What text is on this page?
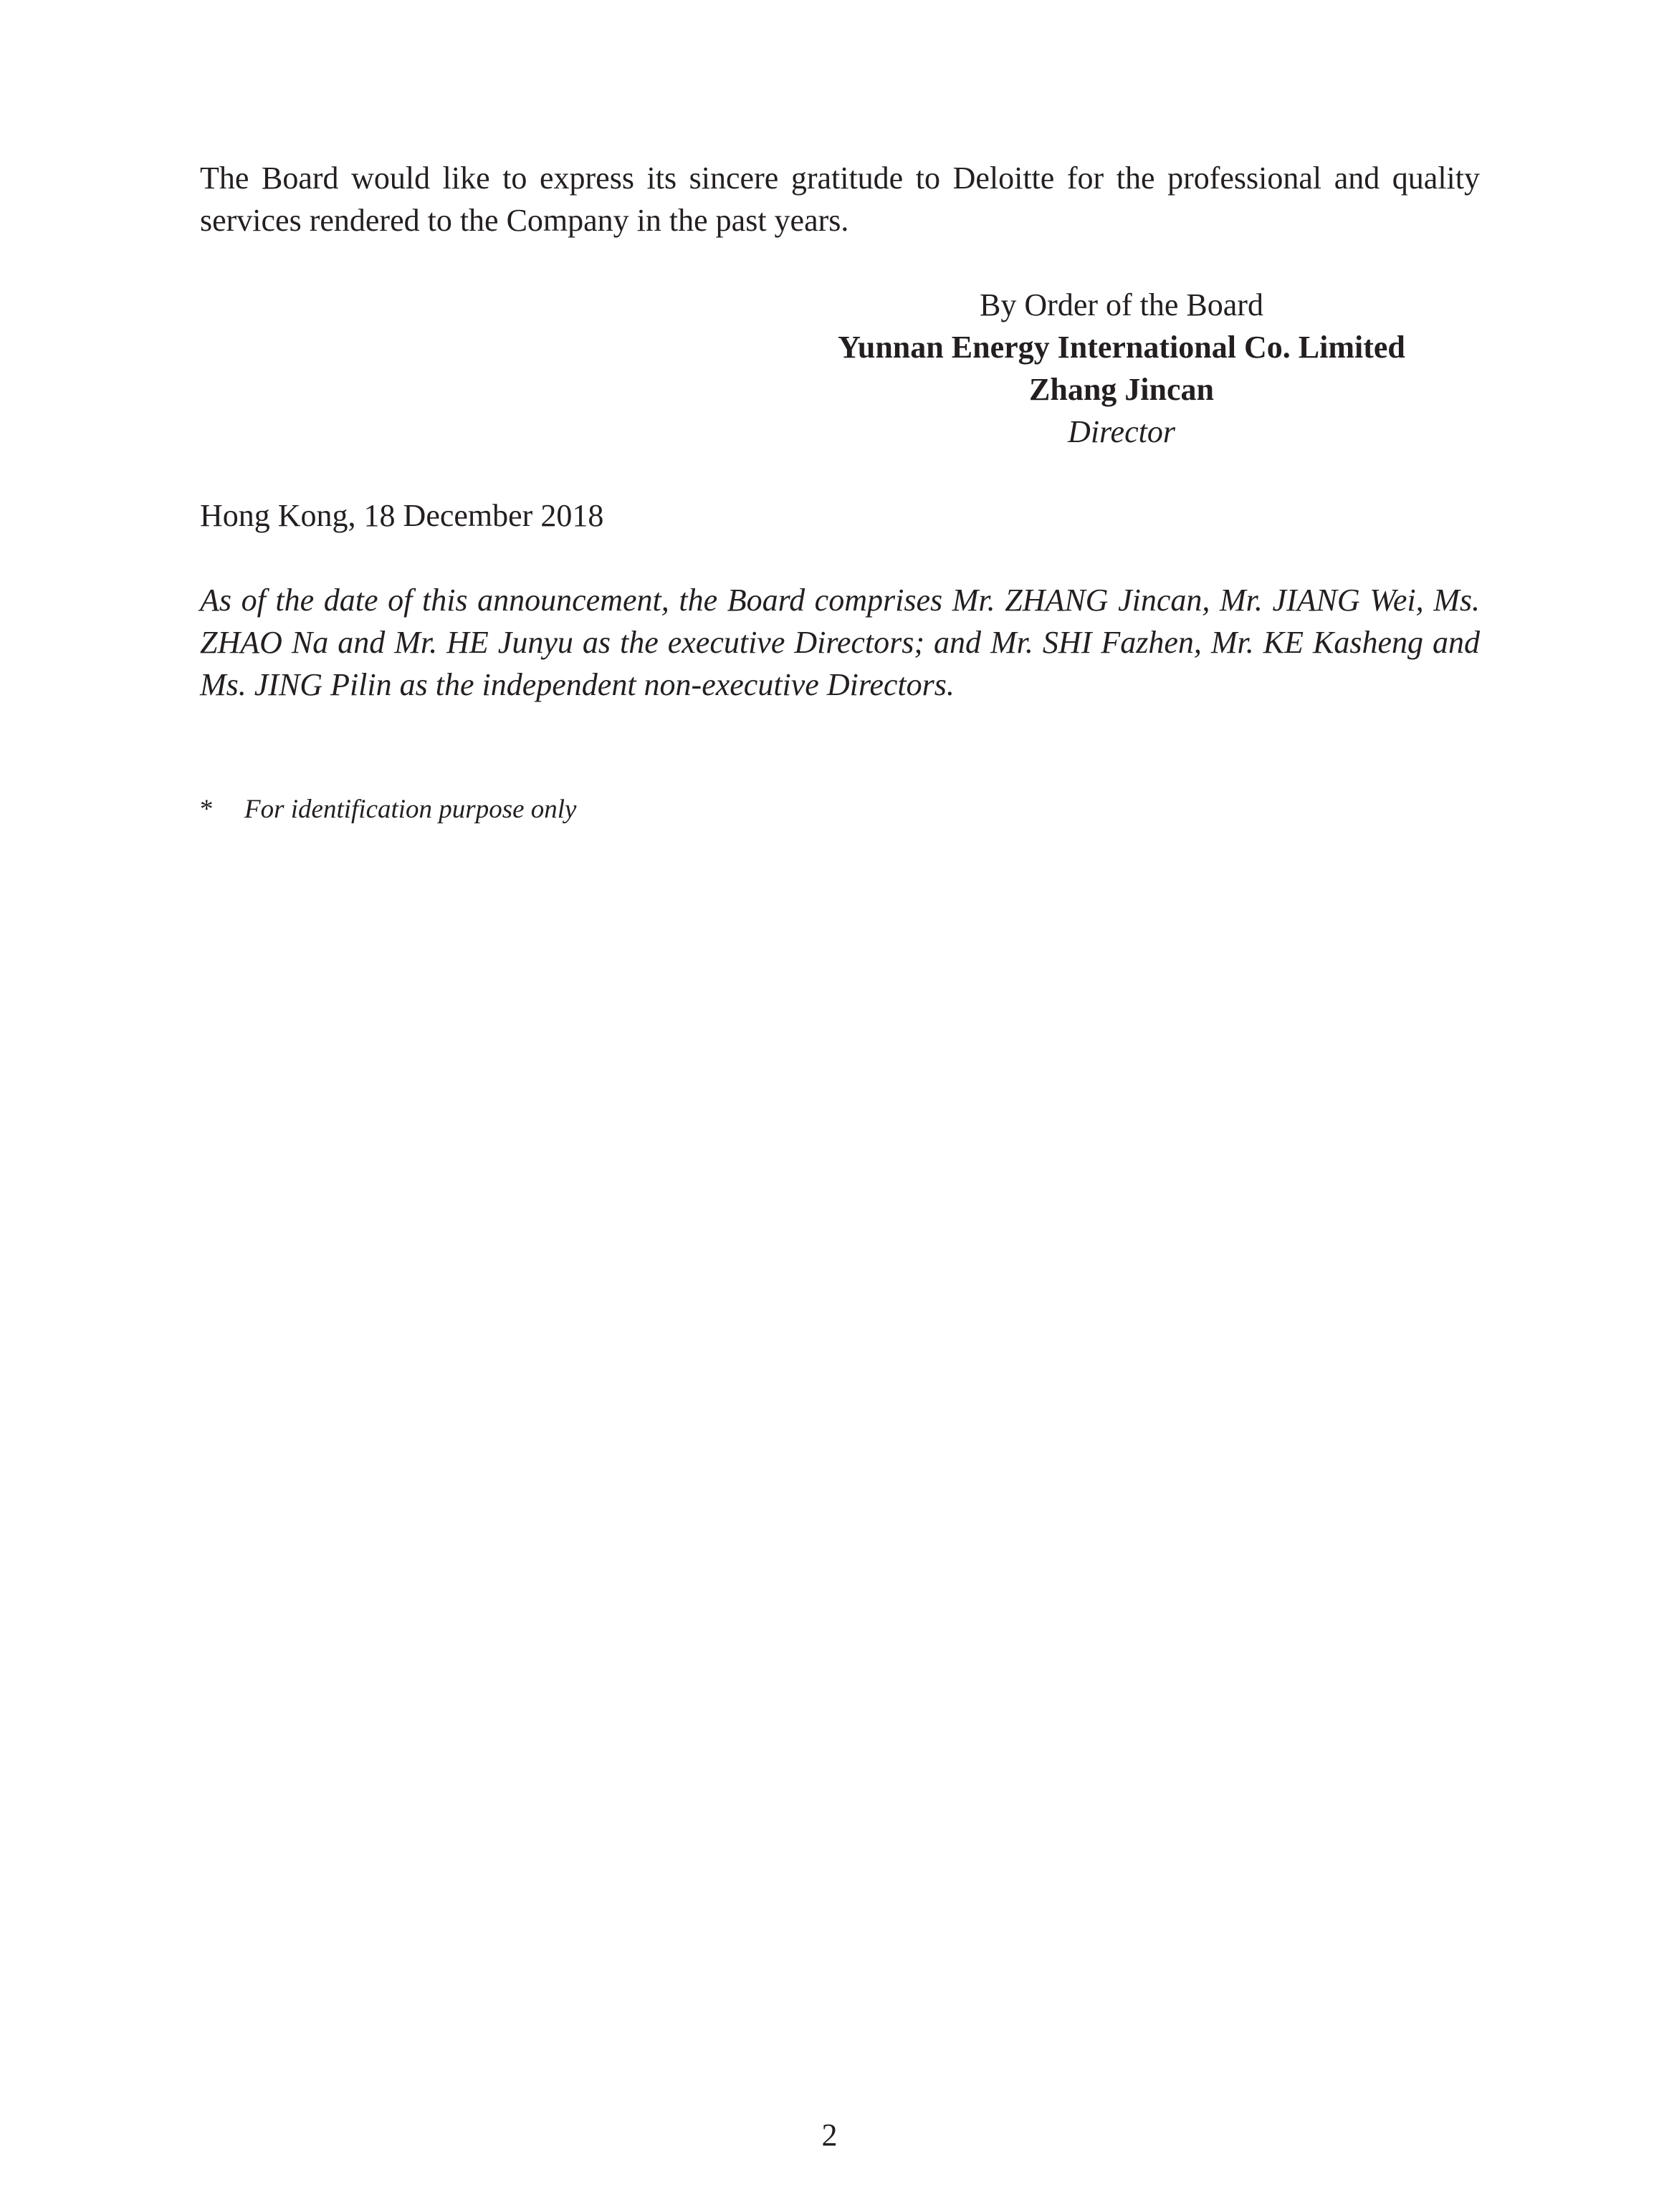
The Board would like to express its sincere gratitude to Deloitte for the professional and quality services rendered to the Company in the past years.

By Order of the Board
Yunnan Energy International Co. Limited
Zhang Jincan
Director

Hong Kong, 18 December 2018

As of the date of this announcement, the Board comprises Mr. ZHANG Jincan, Mr. JIANG Wei, Ms. ZHAO Na and Mr. HE Junyu as the executive Directors; and Mr. SHI Fazhen, Mr. KE Kasheng and Ms. JING Pilin as the independent non-executive Directors.

*	For identification purpose only
2
